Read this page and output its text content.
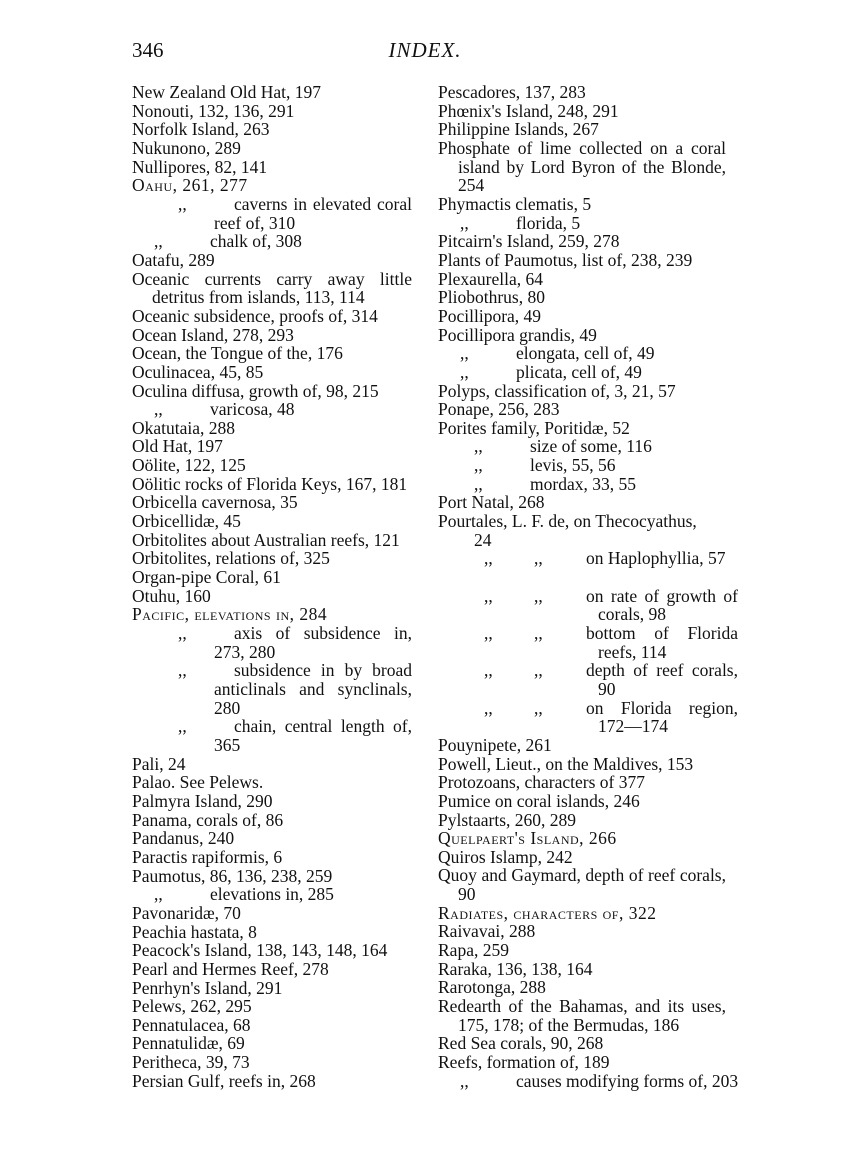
346	INDEX.
New Zealand Old Hat, 197
Nonouti, 132, 136, 291
Norfolk Island, 263
Nukunono, 289
Nullipores, 82, 141
Oahu, 261, 277
,,	caverns in elevated coral reef of, 310
,,	chalk of, 308
Oatafu, 289
Oceanic currents carry away little detritus from islands, 113, 114
Oceanic subsidence, proofs of, 314
Ocean Island, 278, 293
Ocean, the Tongue of the, 176
Oculinacea, 45, 85
Oculina diffusa, growth of, 98, 215
,,	varicosa, 48
Okatutaia, 288
Old Hat, 197
Oölite, 122, 125
Oölitic rocks of Florida Keys, 167, 181
Orbicella cavernosa, 35
Orbicellidæ, 45
Orbitolites about Australian reefs, 121
Orbitolites, relations of, 325
Organ-pipe Coral, 61
Otuhu, 160
Pacific, elevations in, 284
,,	axis of subsidence in, 273, 280
,,	subsidence in by broad anticlinals and synclinals, 280
,,	chain, central length of, 365
Pali, 24
Palao. See Pelews.
Palmyra Island, 290
Panama, corals of, 86
Pandanus, 240
Paractis rapiformis, 6
Paumotus, 86, 136, 238, 259
,,	elevations in, 285
Pavonaridæ, 70
Peachia hastata, 8
Peacock's Island, 138, 143, 148, 164
Pearl and Hermes Reef, 278
Penrhyn's Island, 291
Pelews, 262, 295
Pennatulacea, 68
Pennatulidæ, 69
Peritheca, 39, 73
Persian Gulf, reefs in, 268
Pescadores, 137, 283
Phœnix's Island, 248, 291
Philippine Islands, 267
Phosphate of lime collected on a coral island by Lord Byron of the Blonde, 254
Phymactis clematis, 5
,,	florida, 5
Pitcairn's Island, 259, 278
Plants of Paumotus, list of, 238, 239
Plexaurella, 64
Pliobothrus, 80
Pocillipora, 49
Pocillipora grandis, 49
,,	elongata, cell of, 49
,,	plicata, cell of, 49
Polyps, classification of, 3, 21, 57
Ponape, 256, 283
Porites family, Poritidæ, 52
,,	size of some, 116
,,	levis, 55, 56
,,	mordax, 33, 55
Port Natal, 268
Pourtales, L. F. de, on Thecocyathus,
24
,, ,, on Haplophyllia, 57
,, ,, on rate of growth of corals, 98
,, ,, bottom of Florida reefs, 114
,, ,, depth of reef corals, 90
,, ,, on Florida region, 172—174
Pouynipete, 261
Powell, Lieut., on the Maldives, 153
Protozoans, characters of 377
Pumice on coral islands, 246
Pylstaarts, 260, 289
Quelpaert's Island, 266
Quiros Islamp, 242
Quoy and Gaymard, depth of reef corals, 90
Radiates, characters of, 322
Raivavai, 288
Rapa, 259
Raraka, 136, 138, 164
Rarotonga, 288
Redearth of the Bahamas, and its uses, 175, 178; of the Bermudas, 186
Red Sea corals, 90, 268
Reefs, formation of, 189
,,	causes modifying forms of, 203
